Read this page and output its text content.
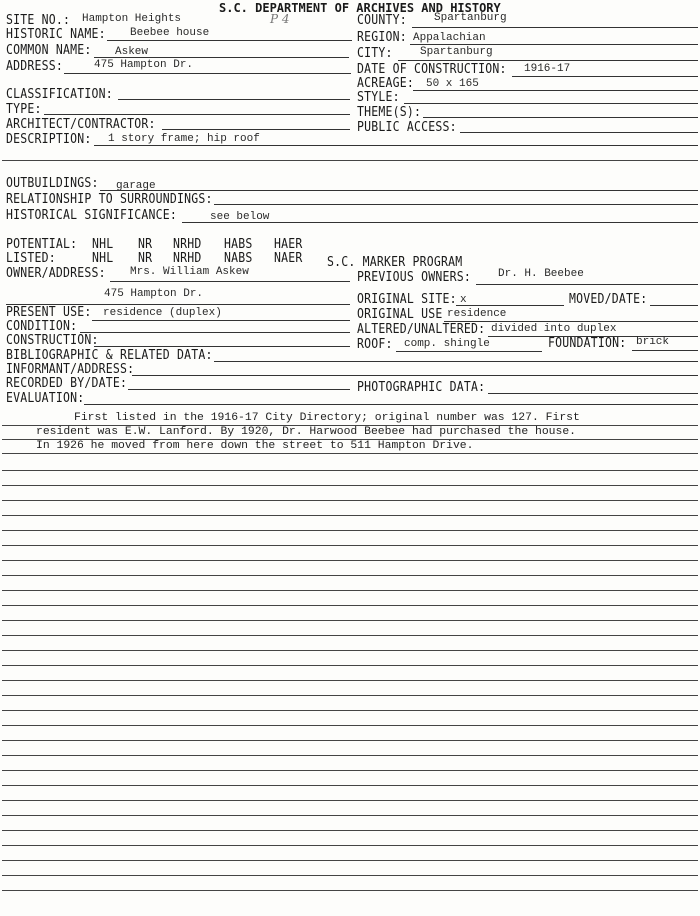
S.C. DEPARTMENT OF ARCHIVES AND HISTORY
P 4
SITE NO.: Hampton Heights
HISTORIC NAME: Beebee house
COMMON NAME: Askew
ADDRESS:	475 Hampton Dr.
COUNTY: Spartanburg
REGION: Appalachian
CITY: Spartanburg
DATE OF CONSTRUCTION: 1916-17
ACREAGE: 50 x 165
STYLE:
THEME(S):
PUBLIC ACCESS:
CLASSIFICATION:
TYPE:
ARCHITECT/CONTRACTOR:
DESCRIPTION: 1 story frame; hip roof
OUTBUILDINGS: garage
RELATIONSHIP TO SURROUNDINGS:
HISTORICAL SIGNIFICANCE:	see below
POTENTIAL: NHL NR NRHD HABS HAER
LISTED:	NHL NR NRHD NABS NAER S.C. MARKER PROGRAM
OWNER/ADDRESS: Mrs. William Askew	PREVIOUS OWNERS: Dr. H. Beebee
475 Hampton Dr.	ORIGINAL SITE: x	MOVED/DATE:
PRESENT USE: residence (duplex)	ORIGINAL USE residence
CONDITION:	ALTERED/UNALTERED: divided into duplex
CONSTRUCTION:	ROOF: comp. shingle	FOUNDATION: brick
BIBLIOGRAPHIC & RELATED DATA:
INFORMANT/ADDRESS:
RECORDED BY/DATE:	PHOTOGRAPHIC DATA:
EVALUATION:
First listed in the 1916-17 City Directory; original number was 127. First
resident was E.W. Lanford. By 1920, Dr. Harwood Beebee had purchased the house.
In 1926 he moved from here down the street to 511 Hampton Drive.
